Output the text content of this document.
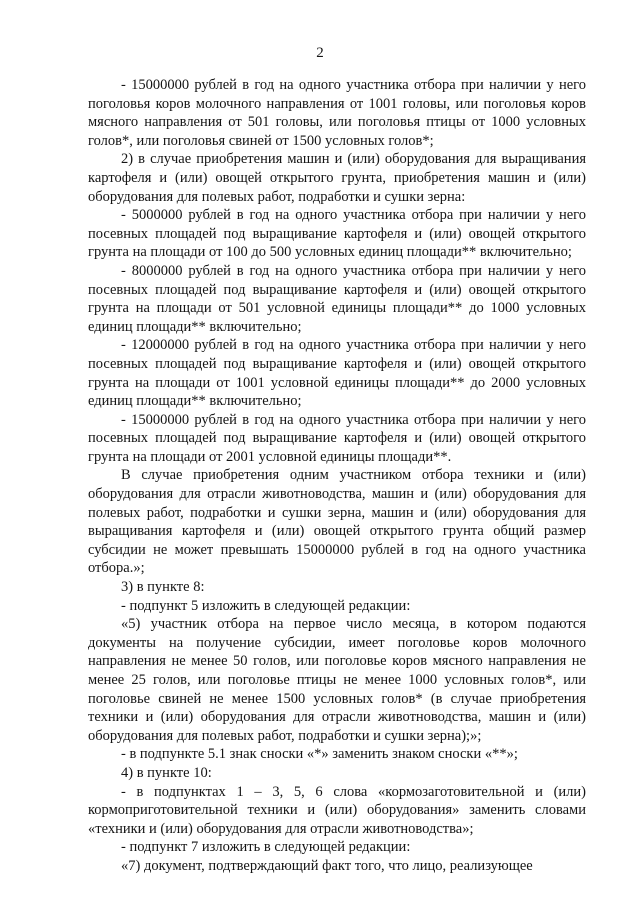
2

- 15000000 рублей в год на одного участника отбора при наличии у него поголовья коров молочного направления от 1001 головы, или поголовья коров мясного направления от 501 головы, или поголовья птицы от 1000 условных голов*, или поголовья свиней от 1500 условных голов*;

2) в случае приобретения машин и (или) оборудования для выращивания картофеля и (или) овощей открытого грунта, приобретения машин и (или) оборудования для полевых работ, подработки и сушки зерна:

- 5000000 рублей в год на одного участника отбора при наличии у него посевных площадей под выращивание картофеля и (или) овощей открытого грунта на площади от 100 до 500 условных единиц площади** включительно;

- 8000000 рублей в год на одного участника отбора при наличии у него посевных площадей под выращивание картофеля и (или) овощей открытого грунта на площади от 501 условной единицы площади** до 1000 условных единиц площади** включительно;

- 12000000 рублей в год на одного участника отбора при наличии у него посевных площадей под выращивание картофеля и (или) овощей открытого грунта на площади от 1001 условной единицы площади** до 2000 условных единиц площади** включительно;

- 15000000 рублей в год на одного участника отбора при наличии у него посевных площадей под выращивание картофеля и (или) овощей открытого грунта на площади от 2001 условной единицы площади**.

В случае приобретения одним участником отбора техники и (или) оборудования для отрасли животноводства, машин и (или) оборудования для полевых работ, подработки и сушки зерна, машин и (или) оборудования для выращивания картофеля и (или) овощей открытого грунта общий размер субсидии не может превышать 15000000 рублей в год на одного участника отбора.»;

3) в пункте 8:

- подпункт 5 изложить в следующей редакции:

«5) участник отбора на первое число месяца, в котором подаются документы на получение субсидии, имеет поголовье коров молочного направления не менее 50 голов, или поголовье коров мясного направления не менее 25 голов, или поголовье птицы не менее 1000 условных голов*, или поголовье свиней не менее 1500 условных голов* (в случае приобретения техники и (или) оборудования для отрасли животноводства, машин и (или) оборудования для полевых работ, подработки и сушки зерна);»;

- в подпункте 5.1 знак сноски «*» заменить знаком сноски «**»;

4) в пункте 10:

- в подпунктах 1 – 3, 5, 6 слова «кормозаготовительной и (или) кормоприготовительной техники и (или) оборудования» заменить словами «техники и (или) оборудования для отрасли животноводства»;

- подпункт 7 изложить в следующей редакции:

«7) документ, подтверждающий факт того, что лицо, реализующее
